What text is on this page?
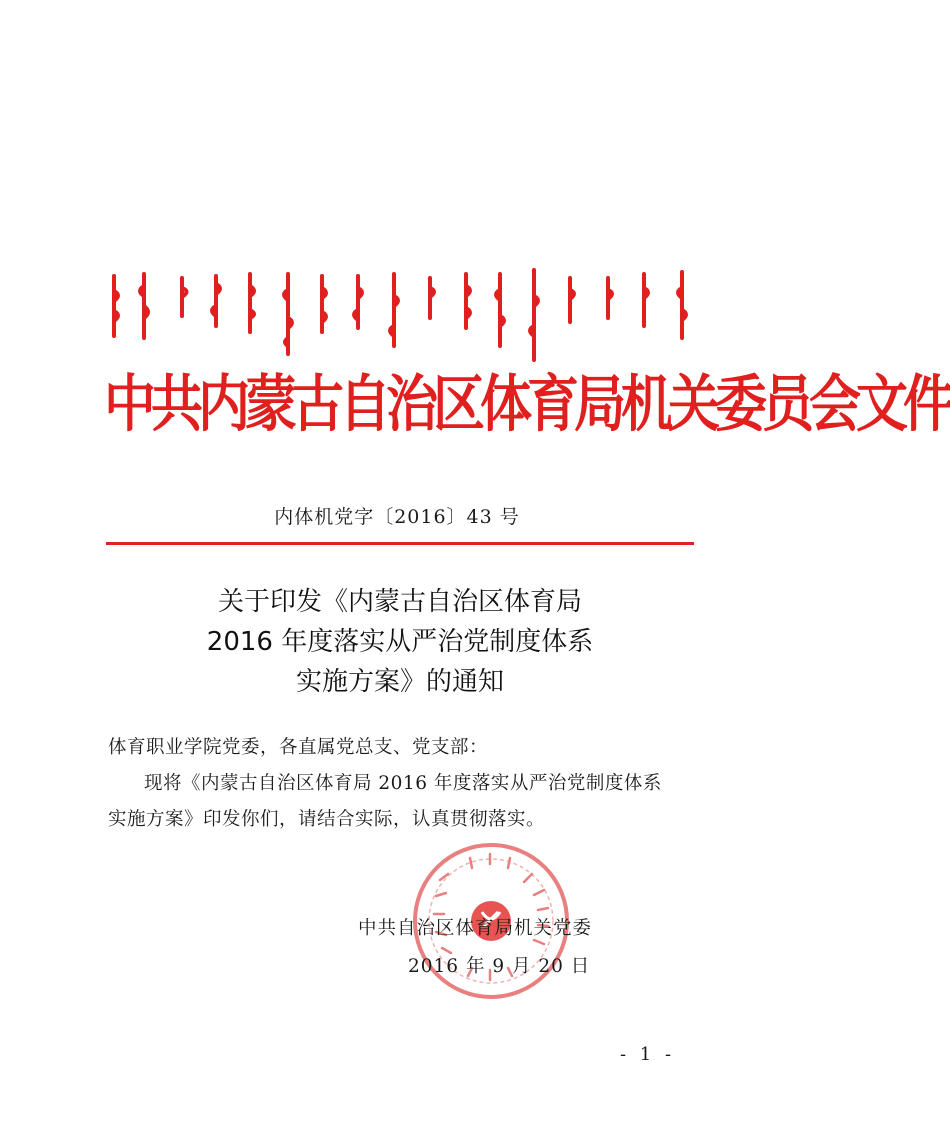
中共内蒙古自治区体育局机关委员会文件
内体机党字〔2016〕43 号
关于印发《内蒙古自治区体育局
2016 年度落实从严治党制度体系
实施方案》的通知

体育职业学院党委，各直属党总支、党支部：

现将《内蒙古自治区体育局 2016 年度落实从严治党制度体系

实施方案》印发你们，请结合实际，认真贯彻落实。

中共自治区体育局机关党委
2016 年 9 月 20 日
- 1 -
